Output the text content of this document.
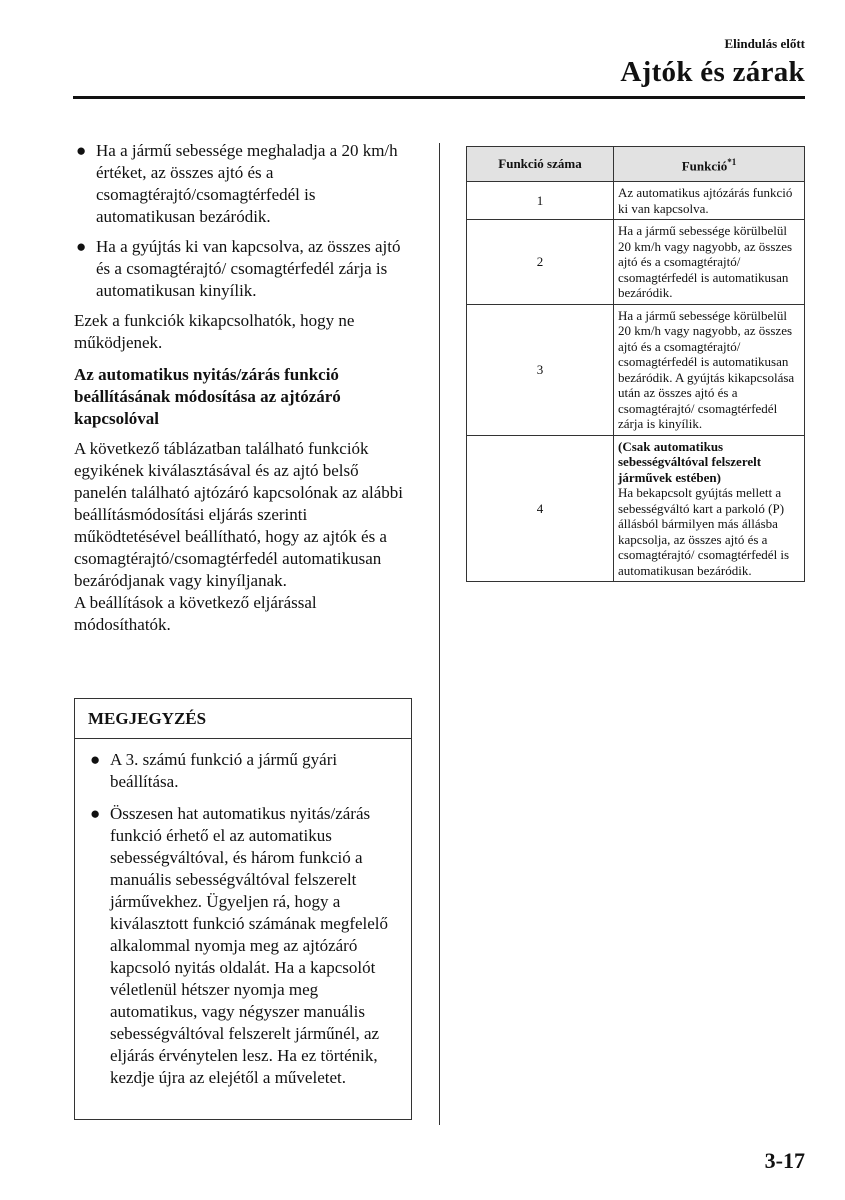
Elindulás előtt
Ajtók és zárak
● Ha a jármű sebessége meghaladja a 20 km/h értéket, az összes ajtó és a csomagtérajtó/csomagtérfedél is automatikusan bezáródik.
● Ha a gyújtás ki van kapcsolva, az összes ajtó és a csomagtérajtó/ csomagtérfedél zárja is automatikusan kinyílik.

Ezek a funkciók kikapcsolhatók, hogy ne működjenek.

Az automatikus nyitás/zárás funkció beállításának módosítása az ajtózáró kapcsolóval

A következő táblázatban található funkciók egyikének kiválasztásával és az ajtó belső panelén található ajtózáró kapcsolónak az alábbi beállításmódosítási eljárás szerinti működtetésével beállítható, hogy az ajtók és a csomagtérajtó/csomagtérfedél automatikusan bezáródjanak vagy kinyíljanak.

A beállítások a következő eljárással módosíthatók.

MEGJEGYZÉS
● A 3. számú funkció a jármű gyári beállítása.
● Összesen hat automatikus nyitás/zárás funkció érhető el az automatikus sebességváltóval, és három funkció a manuális sebességváltóval felszerelt járművekhez. Ügyeljen rá, hogy a kiválasztott funkció számának megfelelő alkalommal nyomja meg az ajtózáró kapcsoló nyitás oldalát. Ha a kapcsolót véletlenül hétszer nyomja meg automatikus, vagy négyszer manuális sebességváltóval felszerelt járműnél, az eljárás érvénytelen lesz. Ha ez történik, kezdje újra az elejétől a műveletet.
Funkció száma	Funkció$^{*1}$
1	Az automatikus ajtózárás funkció ki van kapcsolva.
2	Ha a jármű sebessége körülbelül 20 km/h vagy nagyobb, az összes ajtó és a csomagtérajtó/ csomagtérfedél is automatikusan bezáródik.
3	Ha a jármű sebessége körülbelül 20 km/h vagy nagyobb, az összes ajtó és a csomagtérajtó/ csomagtérfedél is automatikusan bezáródik. A gyújtás kikapcsolása után az összes ajtó és a csomagtérajtó/ csomagtérfedél zárja is kinyílik.
4	(Csak automatikus sebességváltóval felszerelt járművek estében)
Ha bekapcsolt gyújtás mellett a sebességváltó kart a parkoló (P) állásból bármilyen más állásba kapcsolja, az összes ajtó és a csomagtérajtó/ csomagtérfedél is automatikusan bezáródik.
3-17
